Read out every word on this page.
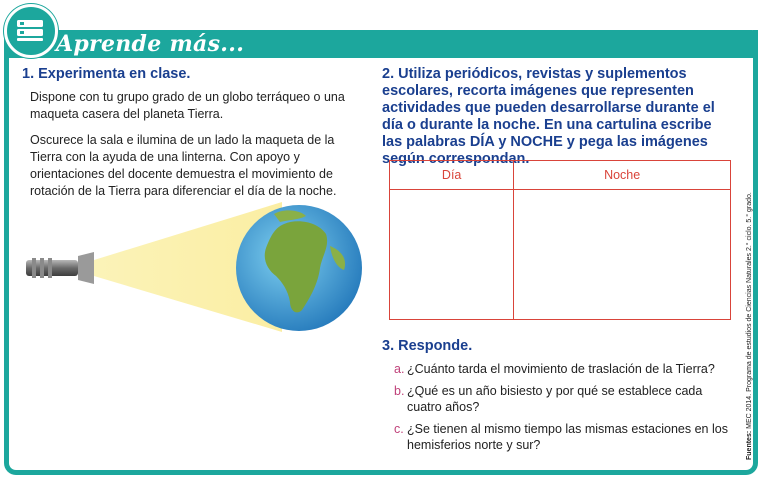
Aprende más...

1. Experimenta en clase.

Dispone con tu grupo grado de un globo terráqueo o una maqueta casera del planeta Tierra.

Oscurece la sala e ilumina de un lado la maqueta de la Tierra con la ayuda de una linterna. Con apoyo y orientaciones del docente demuestra el movimiento de rotación de la Tierra para diferenciar el día de la noche.

2. Utiliza periódicos, revistas y suplementos escolares, recorta imágenes que representen actividades que pueden desarrollarse durante el día o durante la noche. En una cartulina escribe las palabras DÍA y NOCHE y pega las imágenes según correspondan.

Día	Noche

3. Responde.

a. ¿Cuánto tarda el movimiento de traslación de la Tierra?
b. ¿Qué es un año bisiesto y por qué se establece cada cuatro años?
c. ¿Se tienen al mismo tiempo las mismas estaciones en los hemisferios norte y sur?	Fuentes: MEC 2014. Programa de estudios de Ciencias Naturales 2.° ciclo. 5.° grado.
